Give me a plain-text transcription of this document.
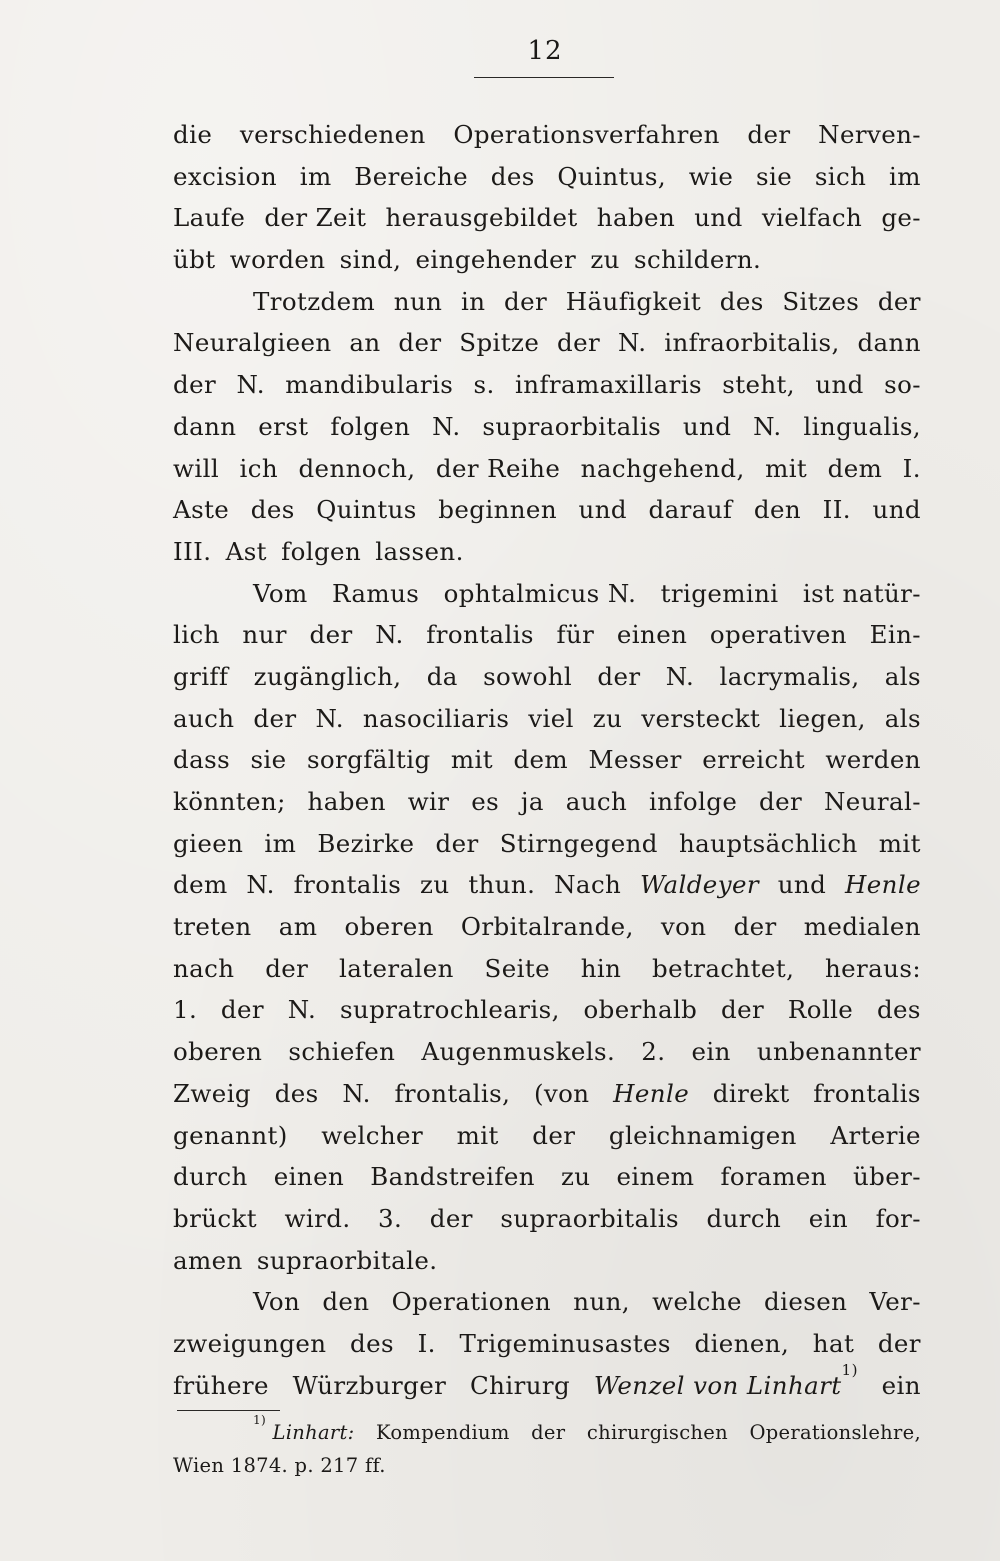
12
die verschiedenen Operationsverfahren der Nerven-
excision im Bereiche des Quintus, wie sie sich im
Laufe der Zeit herausgebildet haben und vielfach ge-
übt worden sind, eingehender zu schildern.
Trotzdem nun in der Häufigkeit des Sitzes der
Neuralgieen an der Spitze der N. infraorbitalis, dann
der N. mandibularis s. inframaxillaris steht, und so-
dann erst folgen N. supraorbitalis und N. lingualis,
will ich dennoch, der Reihe nachgehend, mit dem I.
Aste des Quintus beginnen und darauf den II. und
III. Ast folgen lassen.
Vom Ramus ophtalmicus N. trigemini ist natür-
lich nur der N. frontalis für einen operativen Ein-
griff zugänglich, da sowohl der N. lacrymalis, als
auch der N. nasociliaris viel zu versteckt liegen, als
dass sie sorgfältig mit dem Messer erreicht werden
könnten; haben wir es ja auch infolge der Neural-
gieen im Bezirke der Stirngegend hauptsächlich mit
dem N. frontalis zu thun. Nach Waldeyer und Henle
treten am oberen Orbitalrande, von der medialen
nach der lateralen Seite hin betrachtet, heraus:
1. der N. supratrochlearis, oberhalb der Rolle des
oberen schiefen Augenmuskels. 2. ein unbenannter
Zweig des N. frontalis, (von Henle direkt frontalis
genannt) welcher mit der gleichnamigen Arterie
durch einen Bandstreifen zu einem foramen über-
brückt wird. 3. der supraorbitalis durch ein for-
amen supraorbitale.
Von den Operationen nun, welche diesen Ver-
zweigungen des I. Trigeminusastes dienen, hat der
frühere Würzburger Chirurg Wenzel von Linhart$^{1)}$
ein
$^{1)}$ Linhart: Kompendium der chirurgischen Operationslehre,
Wien 1874. p. 217 ff.
